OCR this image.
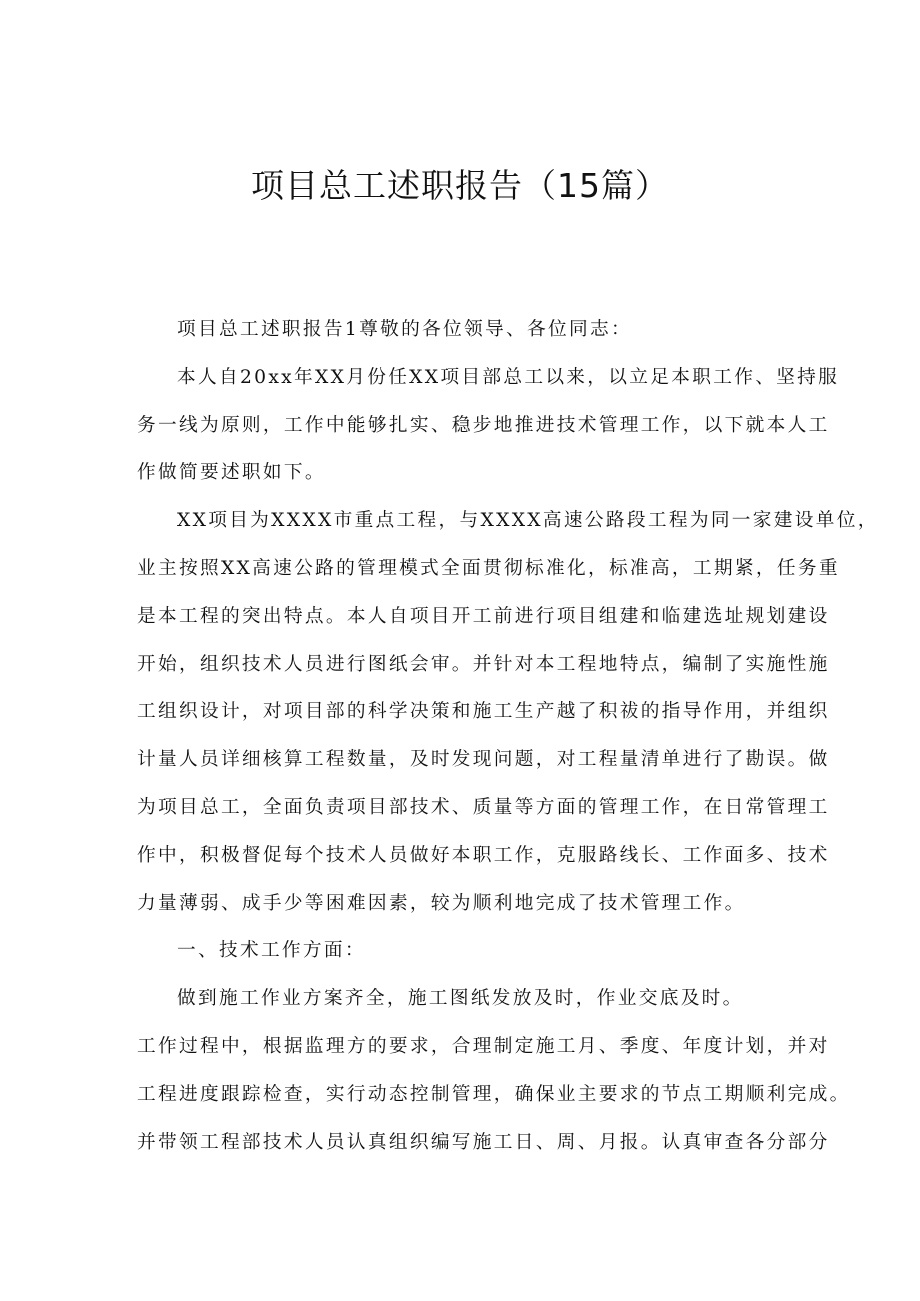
项目总工述职报告（15篇）
项目总工述职报告1尊敬的各位领导、各位同志：
本人自20xx年XX月份任XX项目部总工以来，以立足本职工作、坚持服
务一线为原则，工作中能够扎实、稳步地推进技术管理工作，以下就本人工
作做简要述职如下。
XX项目为XXXX市重点工程，与XXXX高速公路段工程为同一家建设单位，
业主按照XX高速公路的管理模式全面贯彻标准化，标准高，工期紧，任务重
是本工程的突出特点。本人自项目开工前进行项目组建和临建选址规划建设
开始，组织技术人员进行图纸会审。并针对本工程地特点，编制了实施性施
工组织设计，对项目部的科学决策和施工生产越了积祓的指导作用，并组织
计量人员详细核算工程数量，及时发现问题，对工程量清单进行了勘误。做
为项目总工，全面负责项目部技术、质量等方面的管理工作，在日常管理工
作中，积极督促每个技术人员做好本职工作，克服路线长、工作面多、技术
力量薄弱、成手少等困难因素，较为顺利地完成了技术管理工作。
一、技术工作方面：
做到施工作业方案齐全，施工图纸发放及时，作业交底及时。
工作过程中，根据监理方的要求，合理制定施工月、季度、年度计划，并对
工程进度跟踪检查，实行动态控制管理，确保业主要求的节点工期顺利完成。
并带领工程部技术人员认真组织编写施工日、周、月报。认真审查各分部分
